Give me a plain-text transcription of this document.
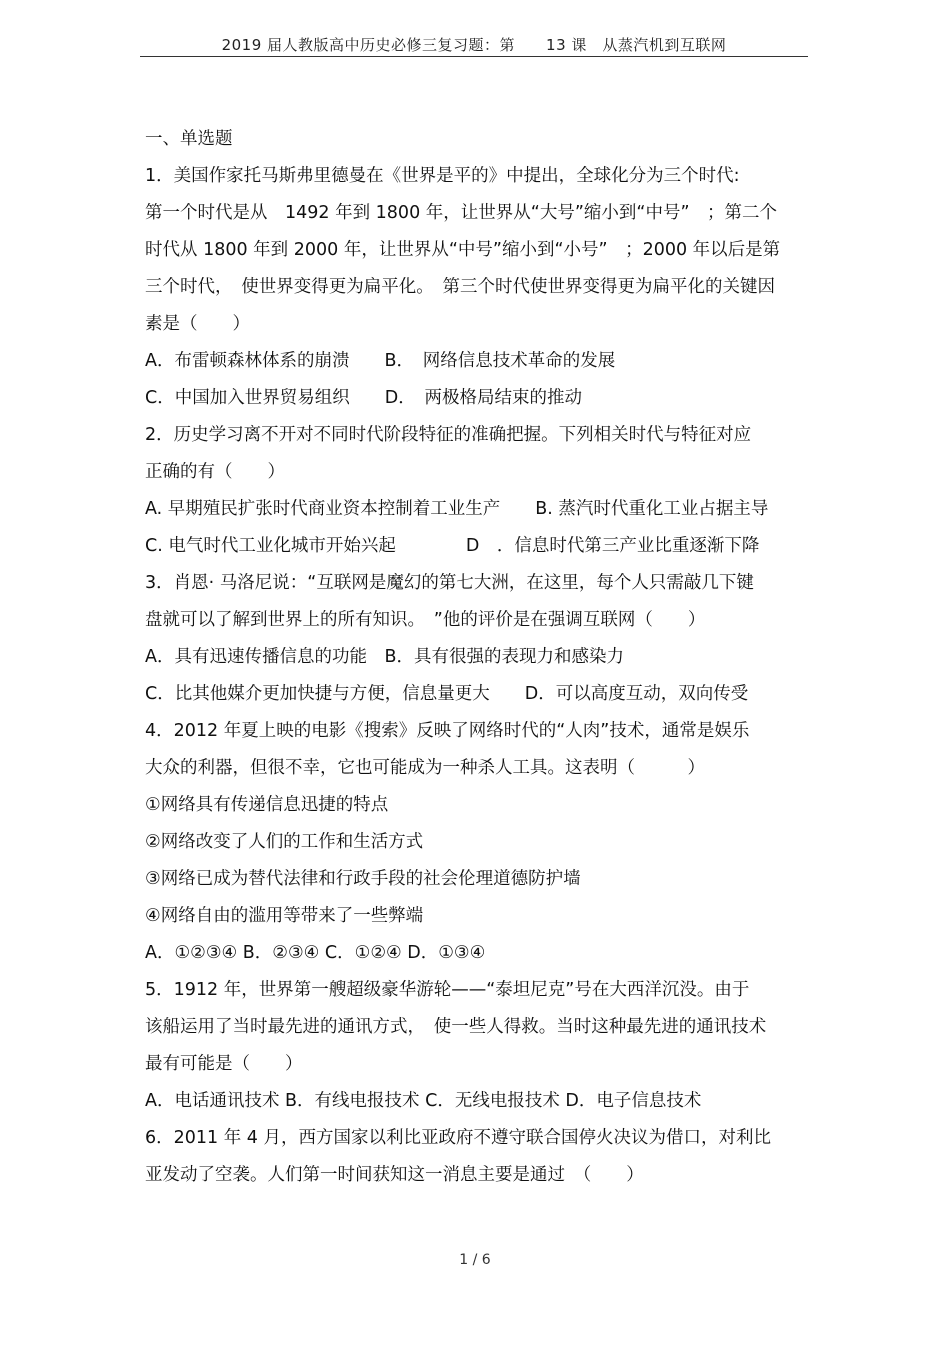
2019 届人教版高中历史必修三复习题：第　　13 课　从蒸汽机到互联网
一、单选题
1．美国作家托马斯弗里德曼在《世界是平的》中提出，全球化分为三个时代:
第一个时代是从　1492 年到 1800 年，让世界从“大号”缩小到“中号”　；第二个
时代从 1800 年到 2000 年，让世界从“中号”缩小到“小号”　；2000 年以后是第
三个时代，　使世界变得更为扁平化。　第三个时代使世界变得更为扁平化的关键因
素是（　　）
A．布雷顿森林体系的崩溃　　B．　网络信息技术革命的发展
C．中国加入世界贸易组织　　D．　两极格局结束的推动
2．历史学习离不开对不同时代阶段特征的准确把握。下列相关时代与特征对应
正确的有（　　）
A. 早期殖民扩张时代商业资本控制着工业生产　　B. 蒸汽时代重化工业占据主导
C. 电气时代工业化城市开始兴起　　　　D　．信息时代第三产业比重逐渐下降
3．肖恩· 马洛尼说：“互联网是魔幻的第七大洲，在这里，每个人只需敲几下键
盘就可以了解到世界上的所有知识。　”他的评价是在强调互联网（　　）
A．具有迅速传播信息的功能　B．具有很强的表现力和感染力
C．比其他媒介更加快捷与方便，信息量更大　　D．可以高度互动，双向传受
4．2012 年夏上映的电影《搜索》反映了网络时代的“人肉”技术，通常是娱乐
大众的利器，但很不幸，它也可能成为一种杀人工具。这表明（　　　）
①网络具有传递信息迅捷的特点
②网络改变了人们的工作和生活方式
③网络已成为替代法律和行政手段的社会伦理道德防护墙
④网络自由的滥用等带来了一些弊端
A．①②③④ B．②③④ C．①②④ D．①③④
5．1912 年，世界第一艘超级豪华游轮——“泰坦尼克”号在大西洋沉没。由于
该船运用了当时最先进的通讯方式，　使一些人得救。当时这种最先进的通讯技术
最有可能是（　　）
A．电话通讯技术 B．有线电报技术 C．无线电报技术 D．电子信息技术
6．2011 年 4 月，西方国家以利比亚政府不遵守联合国停火决议为借口，对利比
亚发动了空袭。人们第一时间获知这一消息主要是通过　（　　）
1 / 6
